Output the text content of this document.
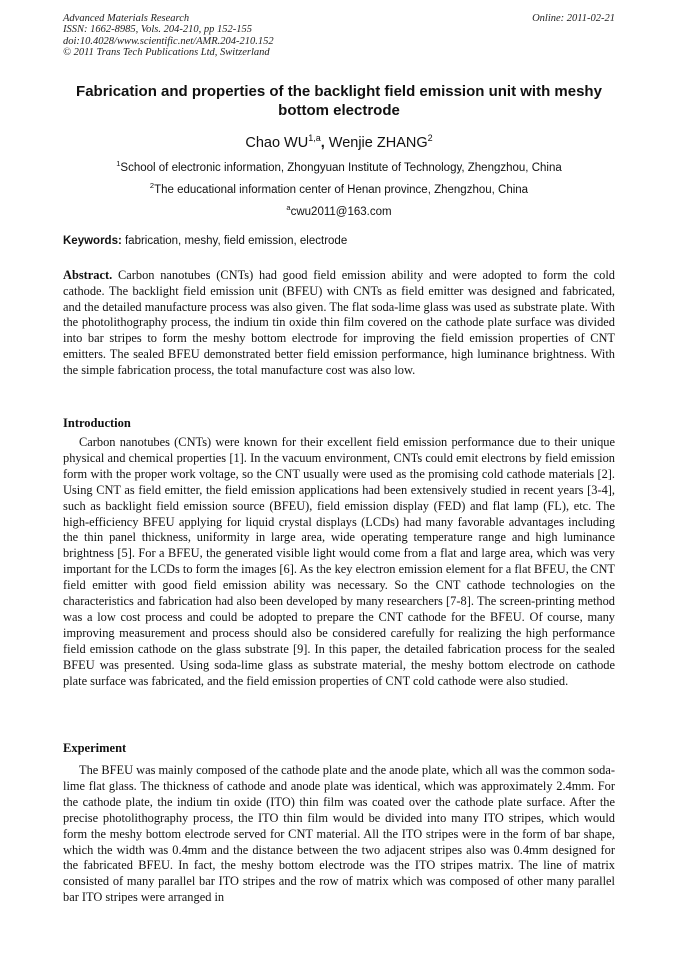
Advanced Materials Research
ISSN: 1662-8985, Vols. 204-210, pp 152-155
doi:10.4028/www.scientific.net/AMR.204-210.152
© 2011 Trans Tech Publications Ltd, Switzerland
Online: 2011-02-21
Fabrication and properties of the backlight field emission unit with meshy bottom electrode
Chao WU$^{1,a}$, Wenjie ZHANG$^2$
$^1$School of electronic information, Zhongyuan Institute of Technology, Zhengzhou, China
$^2$The educational information center of Henan province, Zhengzhou, China
$^a$cwu2011@163.com
Keywords: fabrication, meshy, field emission, electrode
Abstract. Carbon nanotubes (CNTs) had good field emission ability and were adopted to form the cold cathode. The backlight field emission unit (BFEU) with CNTs as field emitter was designed and fabricated, and the detailed manufacture process was also given. The flat soda-lime glass was used as substrate plate. With the photolithography process, the indium tin oxide thin film covered on the cathode plate surface was divided into bar stripes to form the meshy bottom electrode for improving the field emission properties of CNT emitters. The sealed BFEU demonstrated better field emission performance, high luminance brightness. With the simple fabrication process, the total manufacture cost was also low.
Introduction
Carbon nanotubes (CNTs) were known for their excellent field emission performance due to their unique physical and chemical properties [1]. In the vacuum environment, CNTs could emit electrons by field emission form with the proper work voltage, so the CNT usually were used as the promising cold cathode materials [2]. Using CNT as field emitter, the field emission applications had been extensively studied in recent years [3-4], such as backlight field emission source (BFEU), field emission display (FED) and flat lamp (FL), etc. The high-efficiency BFEU applying for liquid crystal displays (LCDs) had many favorable advantages including the thin panel thickness, uniformity in large area, wide operating temperature range and high luminance brightness [5]. For a BFEU, the generated visible light would come from a flat and large area, which was very important for the LCDs to form the images [6]. As the key electron emission element for a flat BFEU, the CNT field emitter with good field emission ability was necessary. So the CNT cathode technologies on the characteristics and fabrication had also been developed by many researchers [7-8]. The screen-printing method was a low cost process and could be adopted to prepare the CNT cathode for the BFEU. Of course, many improving measurement and process should also be considered carefully for realizing the high performance field emission cathode on the glass substrate [9]. In this paper, the detailed fabrication process for the sealed BFEU was presented. Using soda-lime glass as substrate material, the meshy bottom electrode on cathode plate surface was fabricated, and the field emission properties of CNT cold cathode were also studied.
Experiment
The BFEU was mainly composed of the cathode plate and the anode plate, which all was the common soda-lime flat glass. The thickness of cathode and anode plate was identical, which was approximately 2.4mm. For the cathode plate, the indium tin oxide (ITO) thin film was coated over the cathode plate surface. After the precise photolithography process, the ITO thin film would be divided into many ITO stripes, which would form the meshy bottom electrode served for CNT material. All the ITO stripes were in the form of bar shape, which the width was 0.4mm and the distance between the two adjacent stripes also was 0.4mm designed for the fabricated BFEU. In fact, the meshy bottom electrode was the ITO stripes matrix. The line of matrix consisted of many parallel bar ITO stripes and the row of matrix which was composed of other many parallel bar ITO stripes were arranged in
